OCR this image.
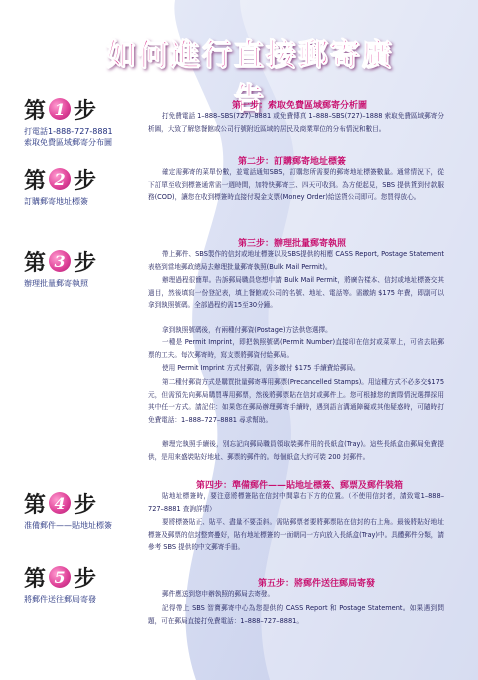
如何進行直接郵寄廣告
第 1 步
打電話1-888-727-8881
索取免費區域郵寄分布圖
第 2 步
訂購郵寄地址標簽
第 3 步
辦理批量郵寄執照
第 4 步
准備郵件——貼地址標簽
第 5 步
將郵件送往郵局寄發
第一步：索取免費區域郵寄分析圖
打免費電話 1–888–SBS(727)–8881 或免費傳真 1–888–SBS(727)–1888 索取免費區域郵寄分析圖，大致了解您餐館或公司行號附近區域的居民及商業單位的分布情況和數目。
第二步：訂購郵寄地址標簽
確定需郵寄的菜單份數，並電話通知SBS，訂購您所需要的郵寄地址標簽數量。通常情況下，從下訂單至收到標簽通常需一週時間，加特快郵寄三、四天可收到。為方便起見，SBS 提供貨到付款服務(COD)，讓您在收到標簽時直接付現金支票(Money Order)給送貨公司即可。您買得放心。
第三步：辦理批量郵寄執照
帶上郵件、SBS製作的信封或地址標簽以及SBS提供的相應 CASS Report, Postage Statement 表格到當地郵政總局去辦理批量郵寄執照(Bulk Mail Permit)。
辦理過程很簡單。告訴郵局職員您想申請 Bulk Mail Permit，將廣告樣本、信封或地址標簽交其過目，然後填寫一份登記表，填上餐館或公司的名號、地址、電話等。需繳納 $175 年費，即副可以拿到執照號碼。全部過程約需15至30分鐘。
拿到執照號碼後，有兩種付郵資(Postage)方法供您選擇。
一種是 Permit Imprint，即把執照號碼(Permit Number)直接印在信封或菜單上，可省去貼郵票的工夫。每次郵寄時，寫支票將郵資付給郵局。
使用 Permit Imprint 方式付郵資，需多繳付 $175 手續費給郵局。
第二種付郵資方式是購買批量郵寄專用郵票(Precancelled Stamps)。用這種方式不必多交$175元，但需預先向郵局購買專用郵票，然後將郵票貼在信封或郵件上。您可根據您的實際情況選擇採用其中任一方式。請記住：如果您在郵局辦理郵寄手續時，遇到語言溝通障礙或其他疑惑時，可隨時打免費電話：1–888–727–8881 尋求幫助。
辦理完執照手續後，別忘記向郵局職員領取裝郵件用的長紙盒(Tray)。這些長紙盒由郵局免費提供，是用來盛裝貼好地址、郵票的郵件的。每個紙盒大約可裝 200 封郵件。
第四步：準備郵件——貼地址標簽、郵票及郵件裝箱
貼地址標簽時，要注意將標簽貼在信封中間靠右下方的位置。（不使用信封者，請致電1–888–727–8881 查詢詳情）
要將標簽貼正、貼平、盡量不要歪斜。需貼郵票者要將郵票貼在信封的右上角。最後將貼好地址標簽及郵票的信封整齊疊好，貼有地址標簽的一面朝同一方向放入長紙盒(Tray)中。具體郵件分類，請參考 SBS 提供的中文郵寄手冊。
第五步：將郵件送往郵局寄發
郵件應送到您申辦執照的郵局去寄發。
記得帶上 SBS 智寶郵寄中心為您提供的 CASS Report 和 Postage Statement。如果遇到問題，可在郵局直接打免費電話：1–888–727–8881。
